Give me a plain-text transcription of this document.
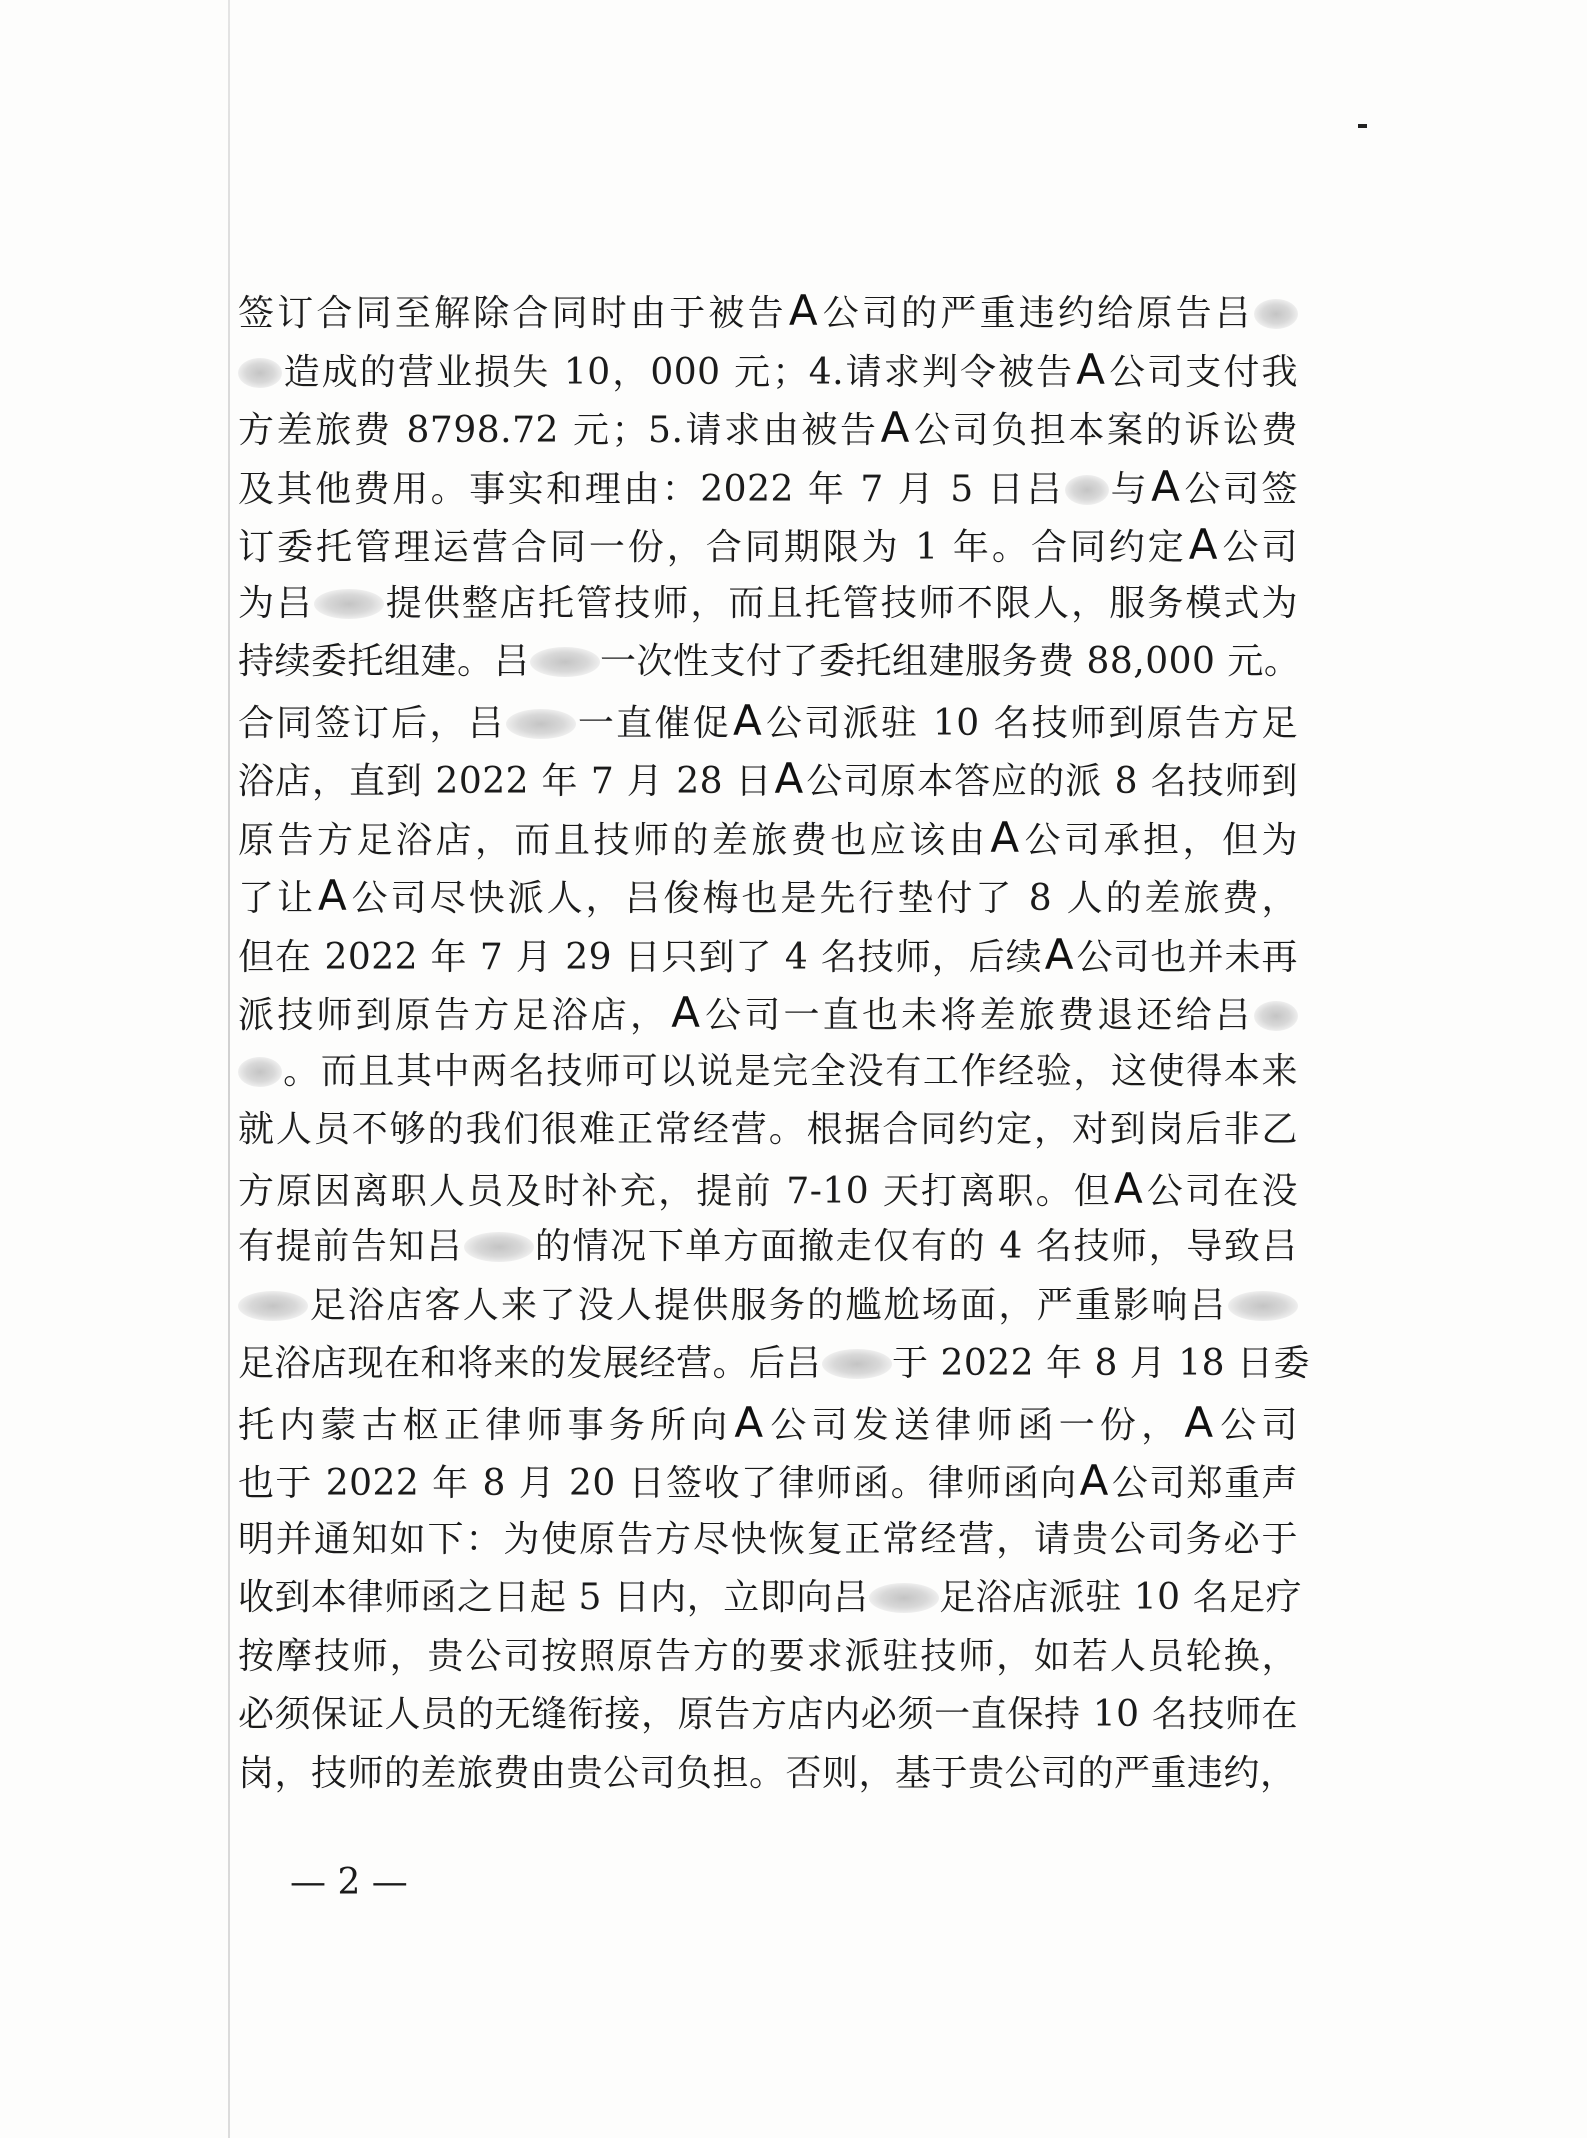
签订合同至解除合同时由于被告A公司的严重违约给原告吕
造成的营业损失 10，000 元；4.请求判令被告A公司支付我
方差旅费 8798.72 元；5.请求由被告A公司负担本案的诉讼费
及其他费用。事实和理由：2022 年 7 月 5 日吕 与A公司签
订委托管理运营合同一份，合同期限为 1 年。合同约定A公司
为吕 提供整店托管技师，而且托管技师不限人，服务模式为
持续委托组建。吕 一次性支付了委托组建服务费 88,000 元。
合同签订后，吕 一直催促A公司派驻 10 名技师到原告方足
浴店，直到 2022 年 7 月 28 日A公司原本答应的派 8 名技师到
原告方足浴店，而且技师的差旅费也应该由A公司承担，但为
了让A公司尽快派人，吕俊梅也是先行垫付了 8 人的差旅费，
但在 2022 年 7 月 29 日只到了 4 名技师，后续A公司也并未再
派技师到原告方足浴店，A公司一直也未将差旅费退还给吕
。而且其中两名技师可以说是完全没有工作经验，这使得本来
就人员不够的我们很难正常经营。根据合同约定，对到岗后非乙
方原因离职人员及时补充，提前 7-10 天打离职。但A公司在没
有提前告知吕 的情况下单方面撤走仅有的 4 名技师，导致吕
足浴店客人来了没人提供服务的尴尬场面，严重影响吕
足浴店现在和将来的发展经营。后吕 于 2022 年 8 月 18 日委
托内蒙古枢正律师事务所向A公司发送律师函一份，A公司
也于 2022 年 8 月 20 日签收了律师函。律师函向A公司郑重声
明并通知如下：为使原告方尽快恢复正常经营，请贵公司务必于
收到本律师函之日起 5 日内，立即向吕 足浴店派驻 10 名足疗
按摩技师，贵公司按照原告方的要求派驻技师，如若人员轮换，
必须保证人员的无缝衔接，原告方店内必须一直保持 10 名技师在
岗，技师的差旅费由贵公司负担。否则，基于贵公司的严重违约，
— 2 —
